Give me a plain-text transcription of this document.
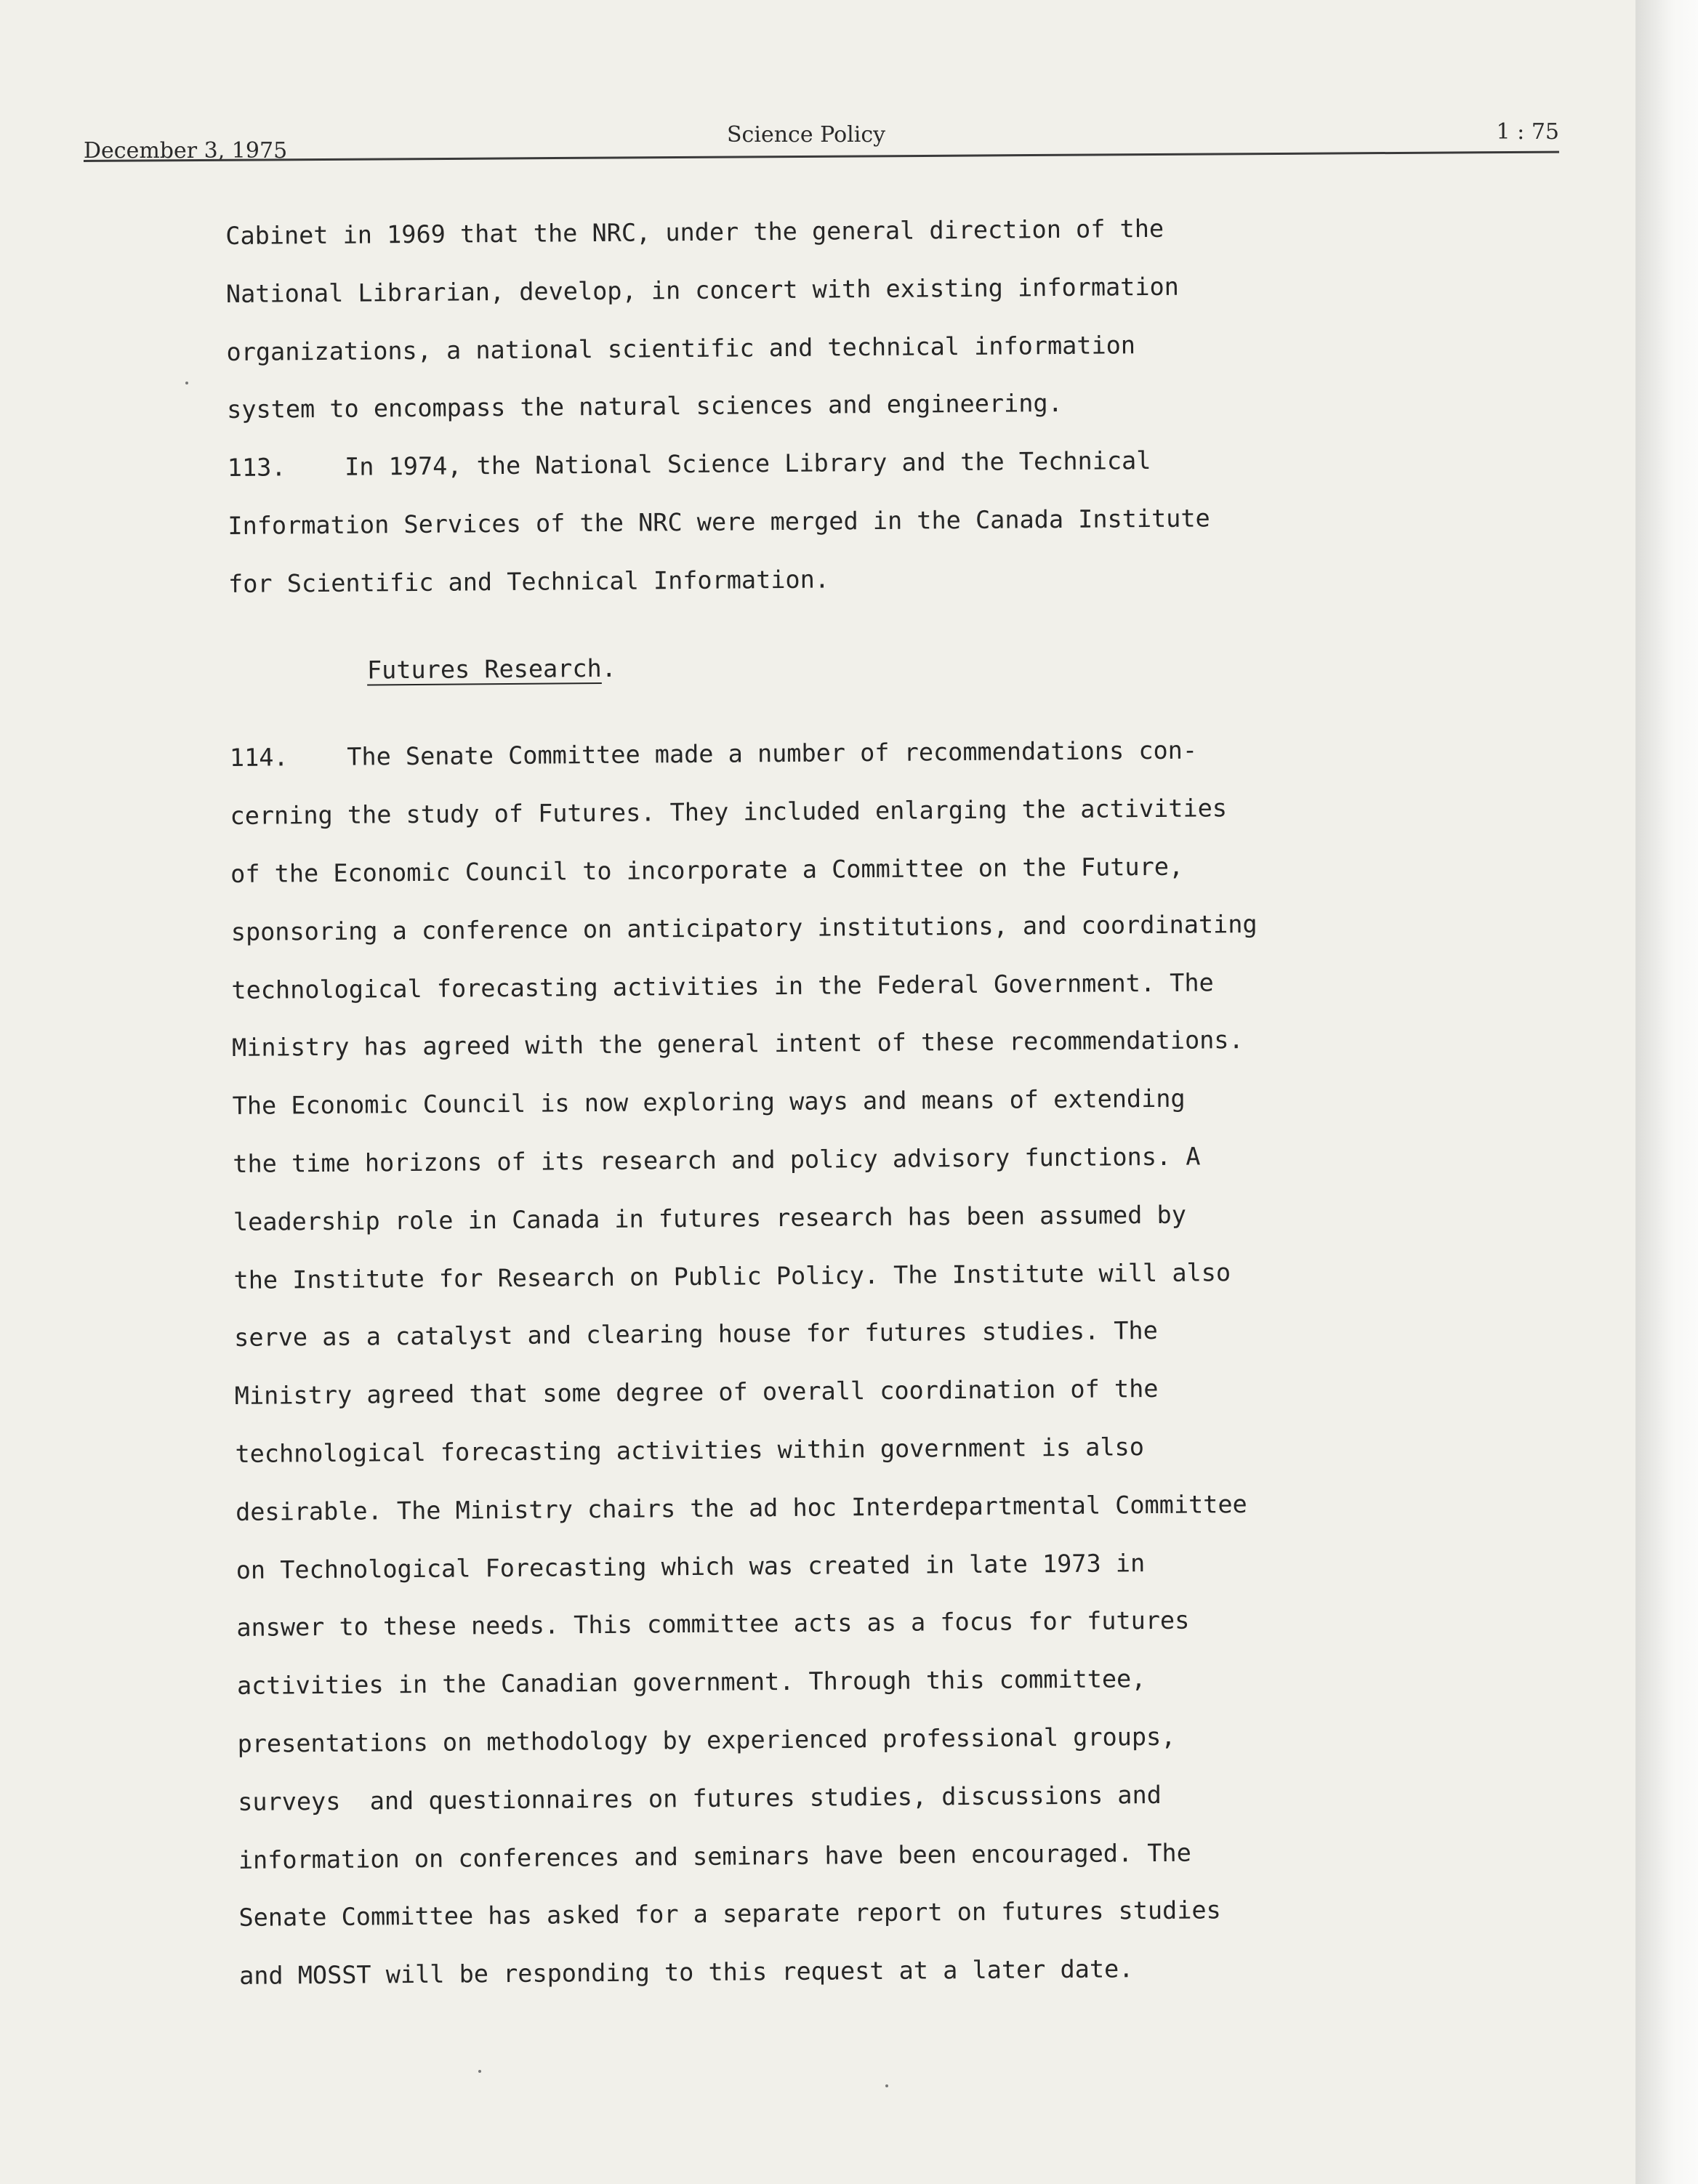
December 3, 1975
Science Policy	1 : 75
Cabinet in 1969 that the NRC, under the general direction of the
National Librarian, develop, in concert with existing information
organizations, a national scientific and technical information
system to encompass the natural sciences and engineering.
113.    In 1974, the National Science Library and the Technical
Information Services of the NRC were merged in the Canada Institute
for Scientific and Technical Information.
Futures Research.
114.    The Senate Committee made a number of recommendations con-
cerning the study of Futures. They included enlarging the activities
of the Economic Council to incorporate a Committee on the Future,
sponsoring a conference on anticipatory institutions, and coordinating
technological forecasting activities in the Federal Government. The
Ministry has agreed with the general intent of these recommendations.
The Economic Council is now exploring ways and means of extending
the time horizons of its research and policy advisory functions. A
leadership role in Canada in futures research has been assumed by
the Institute for Research on Public Policy. The Institute will also
serve as a catalyst and clearing house for futures studies. The
Ministry agreed that some degree of overall coordination of the
technological forecasting activities within government is also
desirable. The Ministry chairs the ad hoc Interdepartmental Committee
on Technological Forecasting which was created in late 1973 in
answer to these needs. This committee acts as a focus for futures
activities in the Canadian government. Through this committee,
presentations on methodology by experienced professional groups,
surveys  and questionnaires on futures studies, discussions and
information on conferences and seminars have been encouraged. The
Senate Committee has asked for a separate report on futures studies
and MOSST will be responding to this request at a later date.
